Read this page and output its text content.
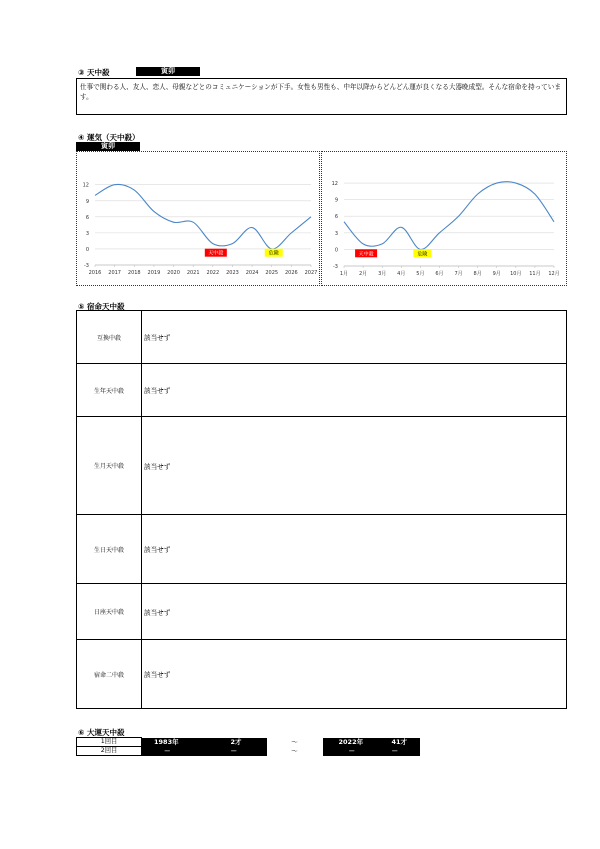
③ 天中殺	寅卯
仕事で関わる人、友人、恋人、母親などとのコミュニケーションが下手。女性も男性も、中年以降からどんどん運が良くなる大器晩成型。そんな宿命を持っています。
④ 運気（天中殺）
寅卯
-3
0
3
6
9
12
2016 2017 2018 2019 2020 2021 2022 2023 2024 2025 2026 2027
天中殺	危険
-3
0
3
6
9
12
1月 2月 3月 4月 5月 6月 7月 8月 9月 10月 11月 12月
天中殺	危険
⑤ 宿命天中殺
互換中殺	該当せず
生年天中殺	該当せず
生月天中殺	該当せず
生日天中殺	該当せず
日座天中殺	該当せず
宿命二中殺	該当せず
⑥ 大運天中殺
1回目	1983年	2才	～	2022年	41才
2回目	－	－	～	－	－
